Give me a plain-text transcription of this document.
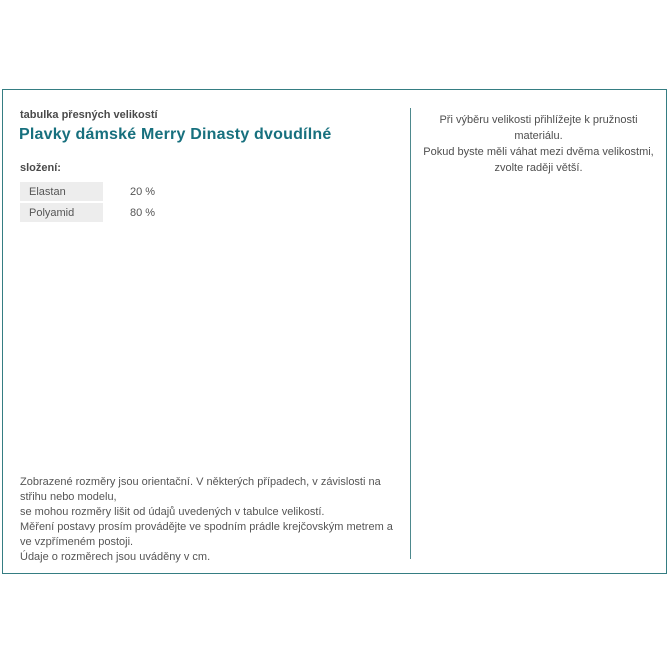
tabulka přesných velikostí
Plavky dámské Merry Dinasty dvoudílné
složení:
Elastan	20 %
Polyamid	80 %
Zobrazené rozměry jsou orientační. V některých případech, v závislosti na střihu nebo modelu,
se mohou rozměry lišit od údajů uvedených v tabulce velikostí.
Měření postavy prosím provádějte ve spodním prádle krejčovským metrem a ve vzpřímeném postoji.
Údaje o rozměrech jsou uváděny v cm.
Při výběru velikosti přihlížejte k pružnosti materiálu.
Pokud byste měli váhat mezi dvěma velikostmi,
zvolte raději větší.
